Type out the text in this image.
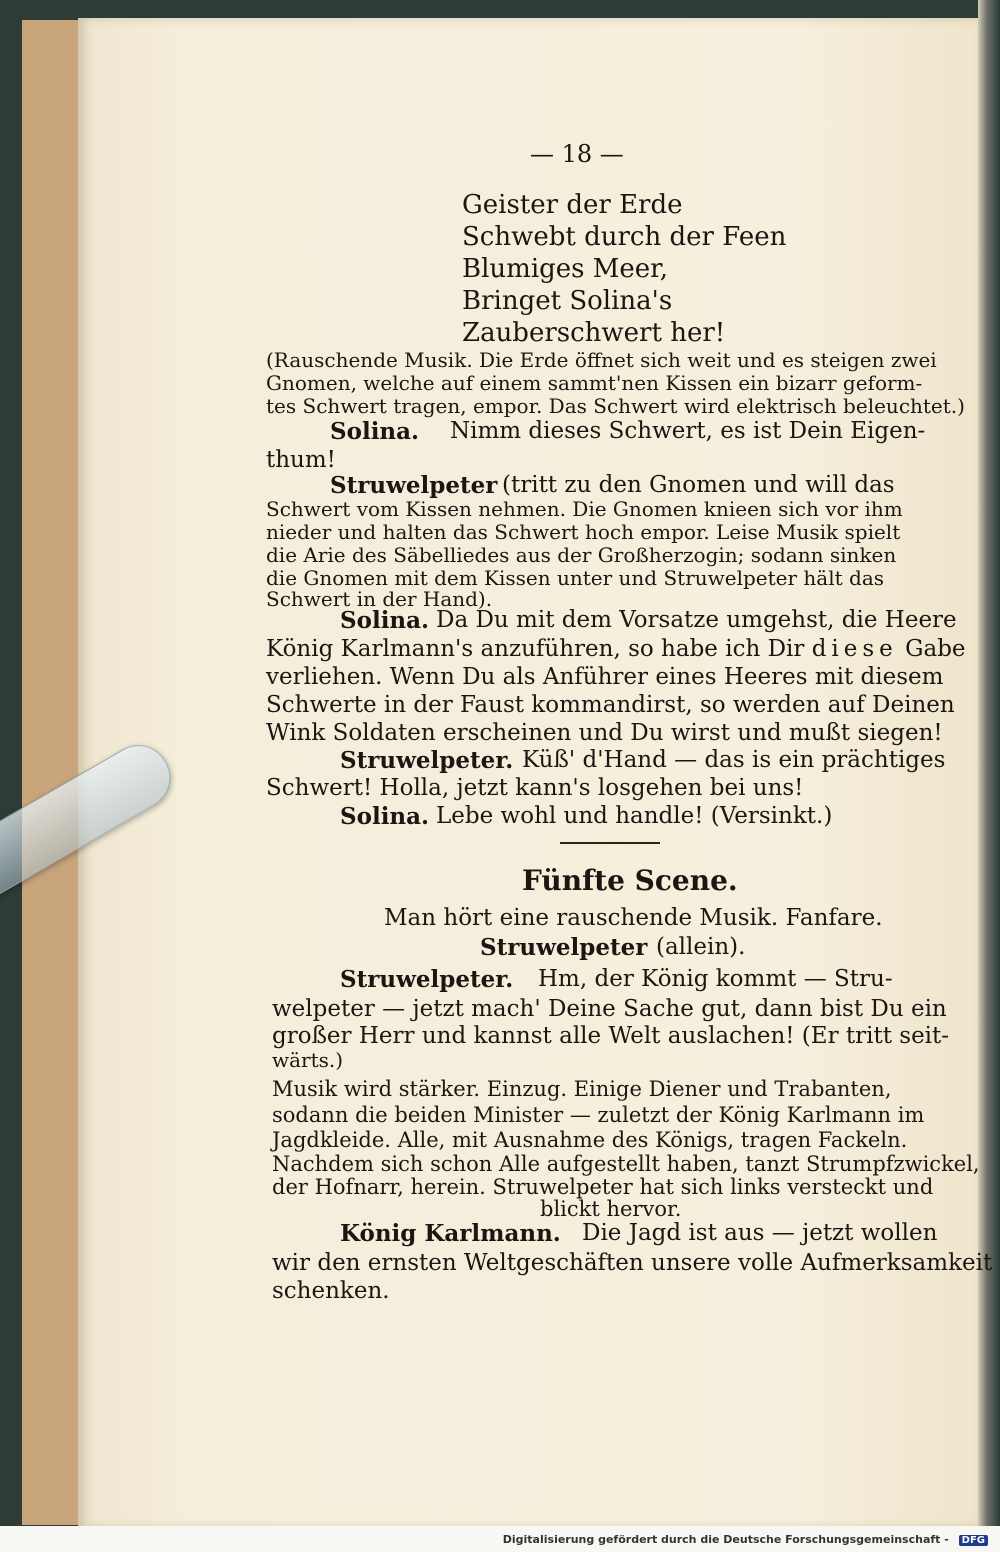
— 18 —
Geister der Erde
Schwebt durch der Feen
Blumiges Meer,
Bringet Solina's
Zauberschwert her!
(Rauschende Musik. Die Erde öffnet sich weit und es steigen zwei
Gnomen, welche auf einem sammt'nen Kissen ein bizarr geform-
tes Schwert tragen, empor. Das Schwert wird elektrisch beleuchtet.)
Solina. Nimm dieses Schwert, es ist Dein Eigen-
thum!
Struwelpeter (tritt zu den Gnomen und will das
Schwert vom Kissen nehmen. Die Gnomen knieen sich vor ihm
nieder und halten das Schwert hoch empor. Leise Musik spielt
die Arie des Säbelliedes aus der Großherzogin; sodann sinken
die Gnomen mit dem Kissen unter und Struwelpeter hält das
Schwert in der Hand).
Solina. Da Du mit dem Vorsatze umgehst, die Heere
König Karlmann's anzuführen, so habe ich Dir diese Gabe
verliehen. Wenn Du als Anführer eines Heeres mit diesem
Schwerte in der Faust kommandirst, so werden auf Deinen
Wink Soldaten erscheinen und Du wirst und mußt siegen!
Struwelpeter. Küß' d'Hand — das is ein prächtiges
Schwert! Holla, jetzt kann's losgehen bei uns!
Solina. Lebe wohl und handle! (Versinkt.)
Fünfte Scene.
Man hört eine rauschende Musik. Fanfare.
Struwelpeter (allein).
Struwelpeter. Hm, der König kommt — Stru-
welpeter — jetzt mach' Deine Sache gut, dann bist Du ein
großer Herr und kannst alle Welt auslachen! (Er tritt seit-
wärts.)
Musik wird stärker. Einzug. Einige Diener und Trabanten,
sodann die beiden Minister — zuletzt der König Karlmann im
Jagdkleide. Alle, mit Ausnahme des Königs, tragen Fackeln.
Nachdem sich schon Alle aufgestellt haben, tanzt Strumpfzwickel,
der Hofnarr, herein. Struwelpeter hat sich links versteckt und
blickt hervor.
König Karlmann. Die Jagd ist aus — jetzt wollen
wir den ernsten Weltgeschäften unsere volle Aufmerksamkeit
schenken.
Digitalisierung gefördert durch die Deutsche Forschungsgemeinschaft - DFG
